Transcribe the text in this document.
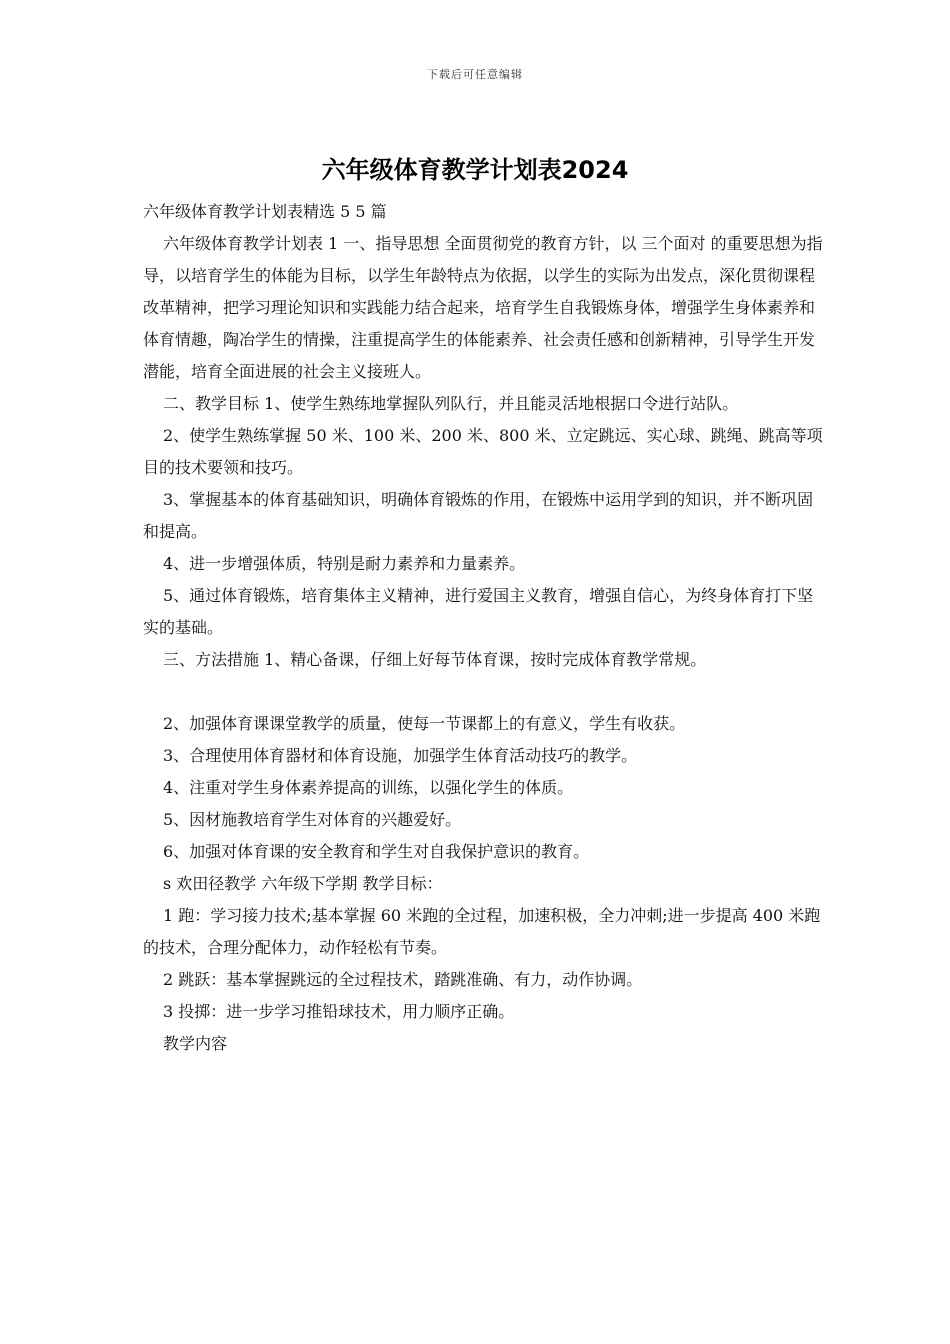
下载后可任意编辑
六年级体育教学计划表2024

六年级体育教学计划表精选 5 5 篇

六年级体育教学计划表 1 一、指导思想 全面贯彻党的教育方针，以 三个面对 的重要思想为指导，以培育学生的体能为目标，以学生年龄特点为依据，以学生的实际为出发点，深化贯彻课程改革精神，把学习理论知识和实践能力结合起来，培育学生自我锻炼身体，增强学生身体素养和体育情趣，陶冶学生的情操，注重提高学生的体能素养、社会责任感和创新精神，引导学生开发潜能，培育全面进展的社会主义接班人。

二、教学目标 1、使学生熟练地掌握队列队行，并且能灵活地根据口令进行站队。

2、使学生熟练掌握 50 米、100 米、200 米、800 米、立定跳远、实心球、跳绳、跳高等项目的技术要领和技巧。

3、掌握基本的体育基础知识，明确体育锻炼的作用，在锻炼中运用学到的知识，并不断巩固和提高。

4、进一步增强体质，特别是耐力素养和力量素养。

5、通过体育锻炼，培育集体主义精神，进行爱国主义教育，增强自信心，为终身体育打下坚实的基础。

三、方法措施 1、精心备课，仔细上好每节体育课，按时完成体育教学常规。

2、加强体育课课堂教学的质量，使每一节课都上的有意义，学生有收获。

3、合理使用体育器材和体育设施，加强学生体育活动技巧的教学。

4、注重对学生身体素养提高的训练，以强化学生的体质。

5、因材施教培育学生对体育的兴趣爱好。

6、加强对体育课的安全教育和学生对自我保护意识的教育。

s 欢田径教学 六年级下学期 教学目标：

1 跑：学习接力技术;基本掌握 60 米跑的全过程，加速积极，全力冲刺;进一步提高 400 米跑的技术，合理分配体力，动作轻松有节奏。

2 跳跃：基本掌握跳远的全过程技术，踏跳准确、有力，动作协调。

3 投掷：进一步学习推铅球技术，用力顺序正确。

教学内容
